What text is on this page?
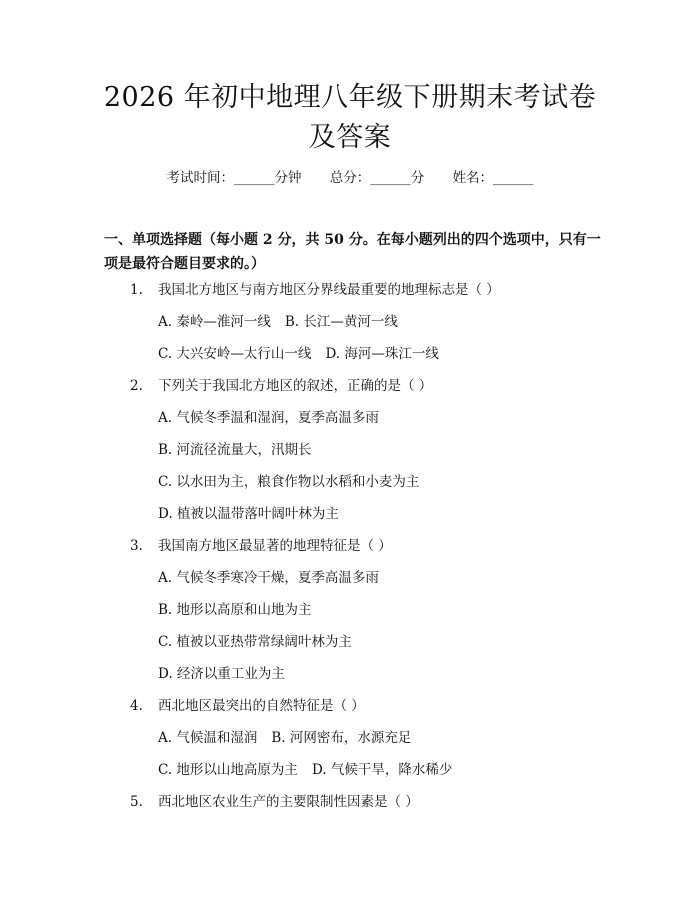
2026 年初中地理八年级下册期末考试卷及答案
考试时间：______分钟 总分：______分 姓名：______

一、单项选择题（每小题 2 分，共 50 分。在每小题列出的四个选项中，只有一项是最符合题目要求的。）

1. 我国北方地区与南方地区分界线最重要的地理标志是（ ）
A. 秦岭—淮河一线 B. 长江—黄河一线
C. 大兴安岭—太行山一线 D. 海河—珠江一线
2. 下列关于我国北方地区的叙述，正确的是（ ）
A. 气候冬季温和湿润，夏季高温多雨
B. 河流径流量大，汛期长
C. 以水田为主，粮食作物以水稻和小麦为主
D. 植被以温带落叶阔叶林为主
3. 我国南方地区最显著的地理特征是（ ）
A. 气候冬季寒冷干燥，夏季高温多雨
B. 地形以高原和山地为主
C. 植被以亚热带常绿阔叶林为主
D. 经济以重工业为主
4. 西北地区最突出的自然特征是（ ）
A. 气候温和湿润 B. 河网密布，水源充足
C. 地形以山地高原为主 D. 气候干旱，降水稀少
5. 西北地区农业生产的主要限制性因素是（ ）
